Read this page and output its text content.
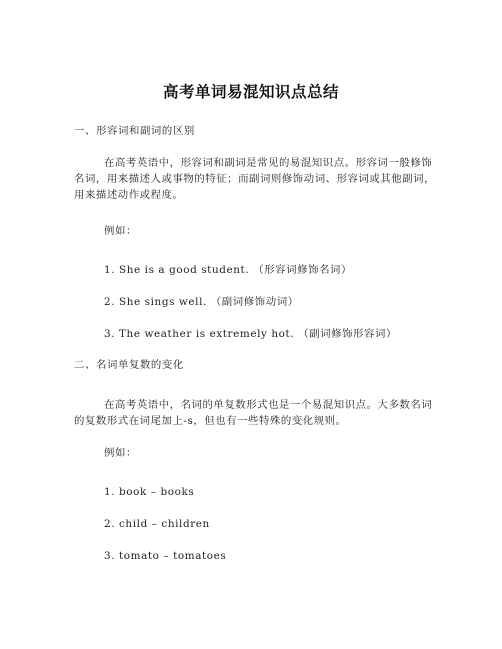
高考单词易混知识点总结
一、形容词和副词的区别
在高考英语中，形容词和副词是常见的易混知识点。形容词一般修饰名词，用来描述人或事物的特征；而副词则修饰动词、形容词或其他副词，用来描述动作或程度。
例如：
1. She is a good student. （形容词修饰名词）
2. She sings well. （副词修饰动词）
3. The weather is extremely hot. （副词修饰形容词）
二、名词单复数的变化
在高考英语中，名词的单复数形式也是一个易混知识点。大多数名词的复数形式在词尾加上-s，但也有一些特殊的变化规则。
例如：
1. book – books
2. child – children
3. tomato – tomatoes
